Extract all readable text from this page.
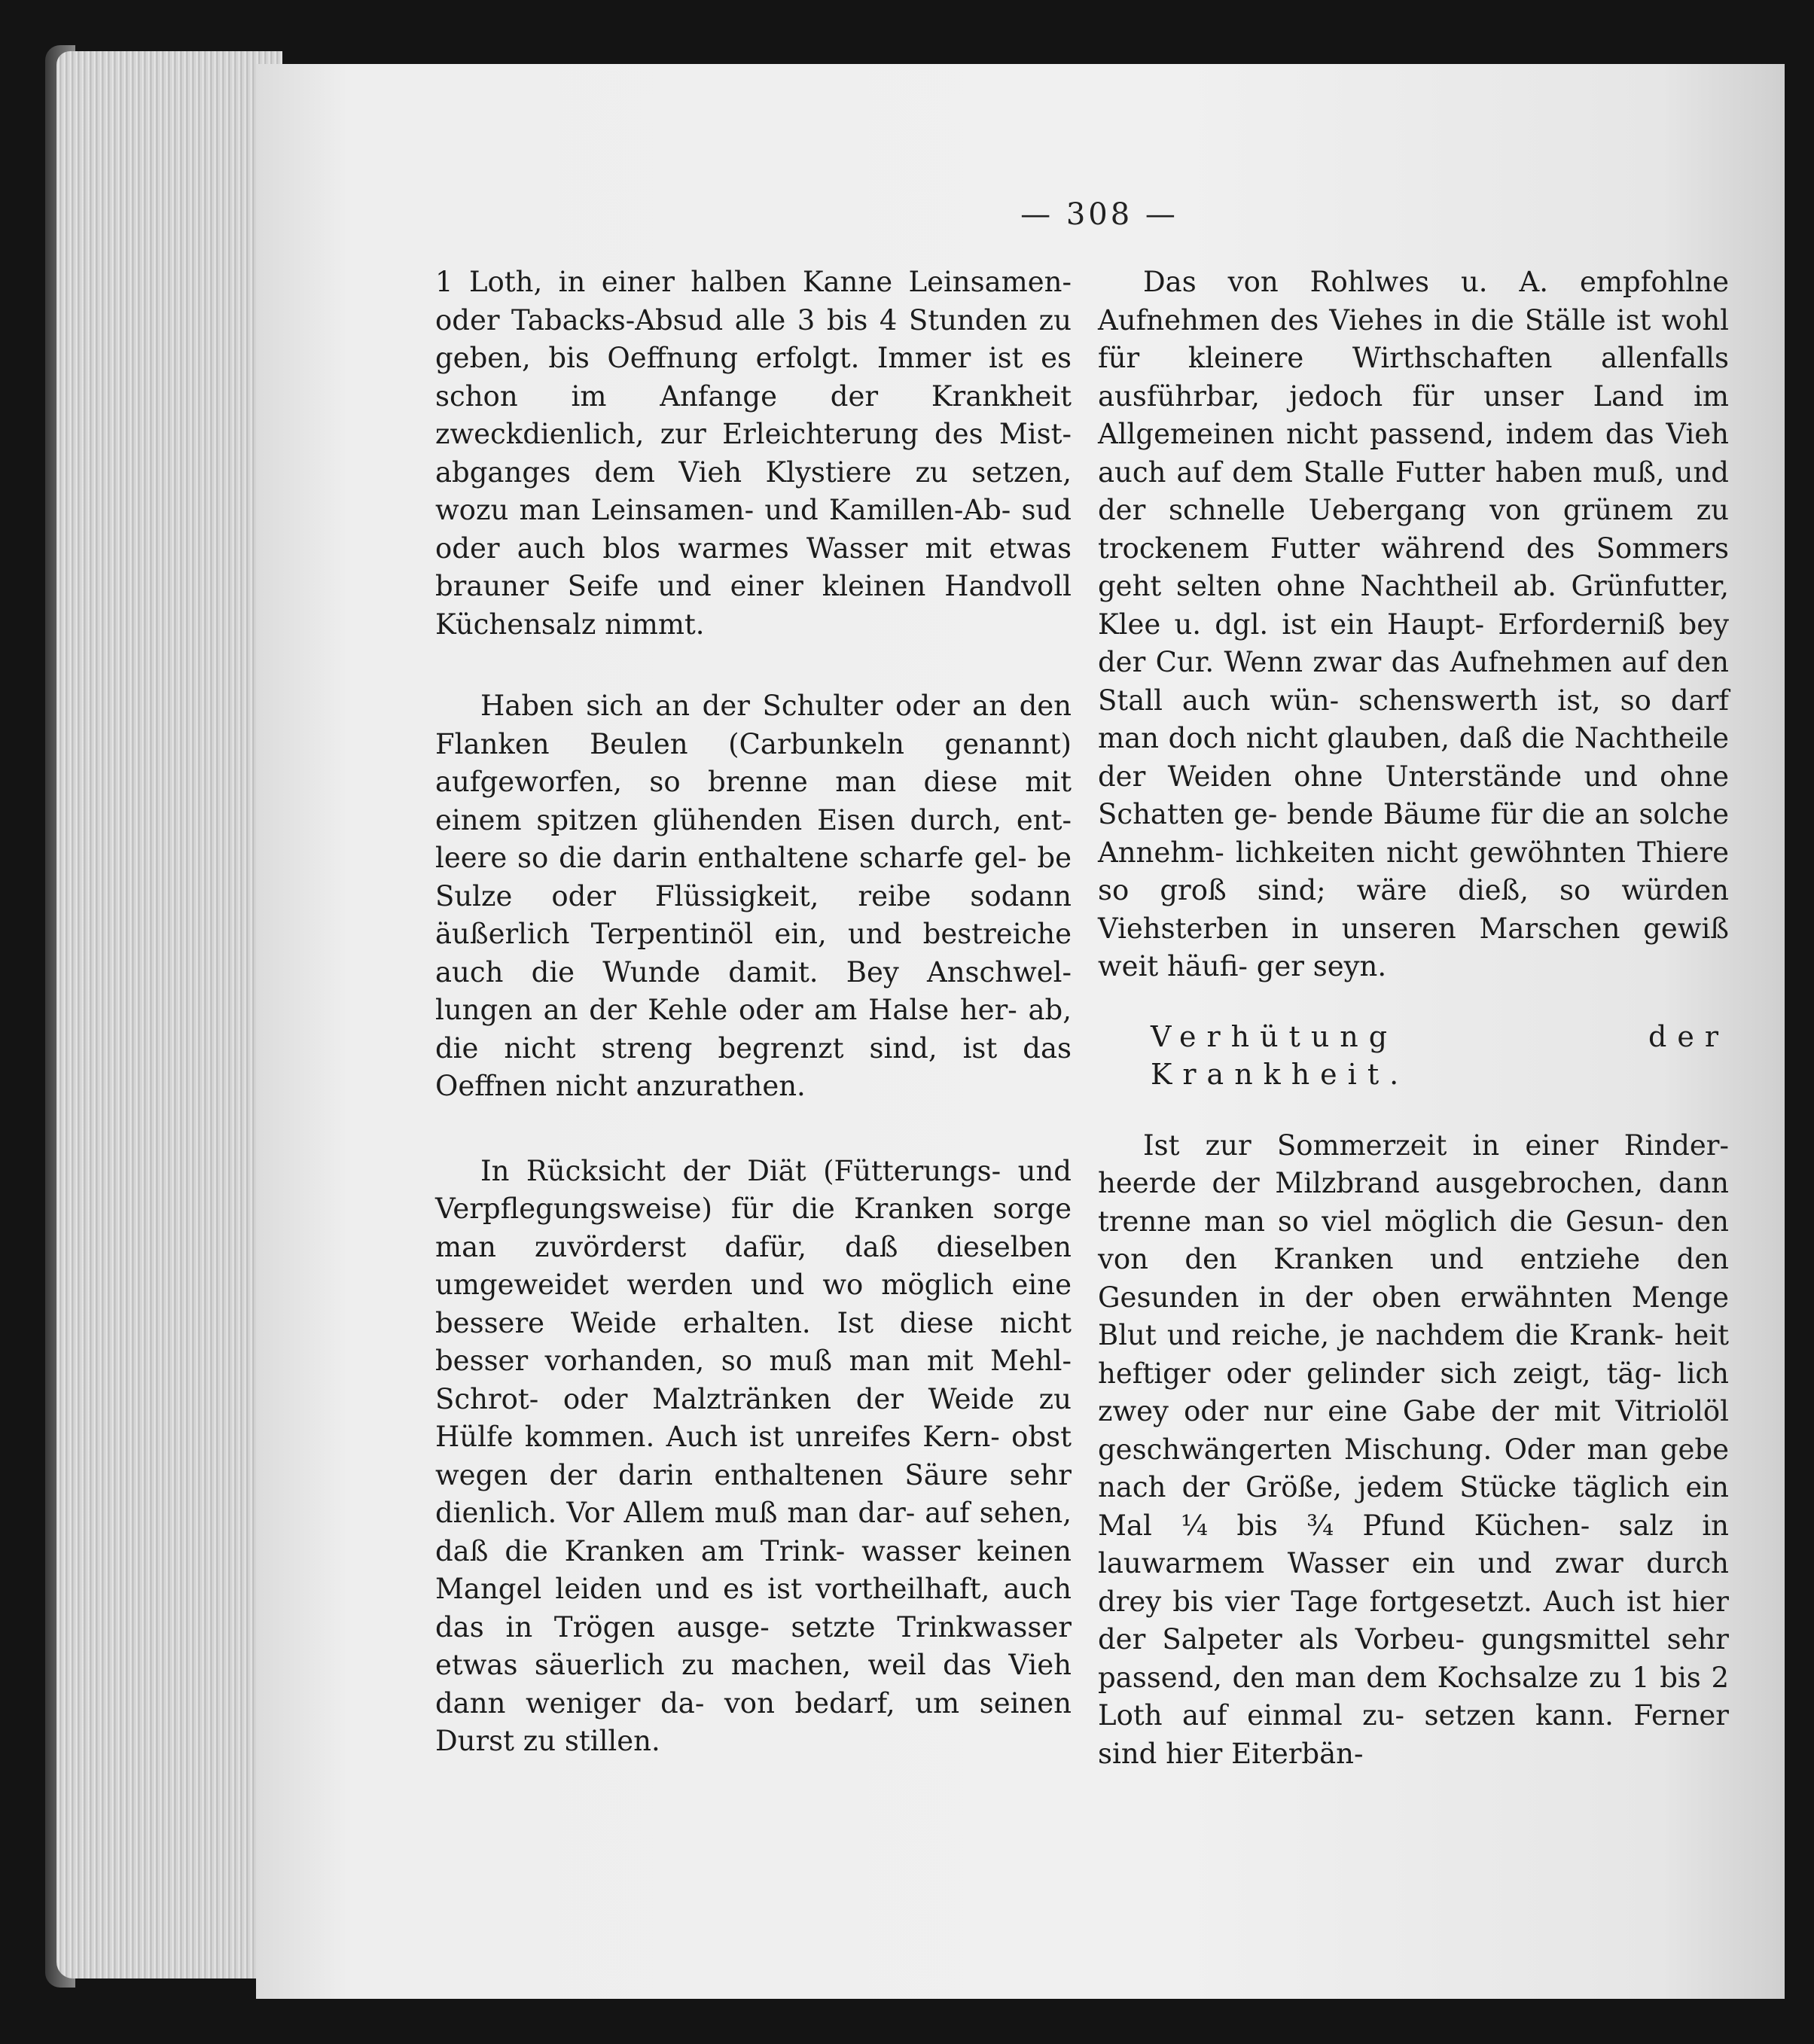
— 308 —

1 Loth, in einer halben Kanne Leinsamen- oder Tabacks-Absud alle 3 bis 4 Stunden zu geben, bis Oeffnung erfolgt. Immer ist es schon im Anfange der Krankheit zweckdienlich, zur Erleichterung des Mist- abganges dem Vieh Klystiere zu setzen, wozu man Leinsamen- und Kamillen-Ab- sud oder auch blos warmes Wasser mit etwas brauner Seife und einer kleinen Handvoll Küchensalz nimmt.

Haben sich an der Schulter oder an den Flanken Beulen (Carbunkeln genannt) aufgeworfen, so brenne man diese mit einem spitzen glühenden Eisen durch, ent- leere so die darin enthaltene scharfe gel- be Sulze oder Flüssigkeit, reibe sodann äußerlich Terpentinöl ein, und bestreiche auch die Wunde damit. Bey Anschwel- lungen an der Kehle oder am Halse her- ab, die nicht streng begrenzt sind, ist das Oeffnen nicht anzurathen.

In Rücksicht der Diät (Fütterungs- und Verpflegungsweise) für die Kranken sorge man zuvörderst dafür, daß dieselben umgeweidet werden und wo möglich eine bessere Weide erhalten. Ist diese nicht besser vorhanden, so muß man mit Mehl- Schrot- oder Malztränken der Weide zu Hülfe kommen. Auch ist unreifes Kern- obst wegen der darin enthaltenen Säure sehr dienlich. Vor Allem muß man dar- auf sehen, daß die Kranken am Trink- wasser keinen Mangel leiden und es ist vortheilhaft, auch das in Trögen ausge- setzte Trinkwasser etwas säuerlich zu machen, weil das Vieh dann weniger da- von bedarf, um seinen Durst zu stillen.

Das von Rohlwes u. A. empfohlne Aufnehmen des Viehes in die Ställe ist wohl für kleinere Wirthschaften allenfalls ausführbar, jedoch für unser Land im Allgemeinen nicht passend, indem das Vieh auch auf dem Stalle Futter haben muß, und der schnelle Uebergang von grünem zu trockenem Futter während des Sommers geht selten ohne Nachtheil ab. Grünfutter, Klee u. dgl. ist ein Haupt- Erforderniß bey der Cur. Wenn zwar das Aufnehmen auf den Stall auch wün- schenswerth ist, so darf man doch nicht glauben, daß die Nachtheile der Weiden ohne Unterstände und ohne Schatten ge- bende Bäume für die an solche Annehm- lichkeiten nicht gewöhnten Thiere so groß sind; wäre dieß, so würden Viehsterben in unseren Marschen gewiß weit häufi- ger seyn.

Verhütung der Krankheit.

Ist zur Sommerzeit in einer Rinder- heerde der Milzbrand ausgebrochen, dann trenne man so viel möglich die Gesun- den von den Kranken und entziehe den Gesunden in der oben erwähnten Menge Blut und reiche, je nachdem die Krank- heit heftiger oder gelinder sich zeigt, täg- lich zwey oder nur eine Gabe der mit Vitriolöl geschwängerten Mischung. Oder man gebe nach der Größe, jedem Stücke täglich ein Mal ¼ bis ¾ Pfund Küchen- salz in lauwarmem Wasser ein und zwar durch drey bis vier Tage fortgesetzt. Auch ist hier der Salpeter als Vorbeu- gungsmittel sehr passend, den man dem Kochsalze zu 1 bis 2 Loth auf einmal zu- setzen kann. Ferner sind hier Eiterbän-
